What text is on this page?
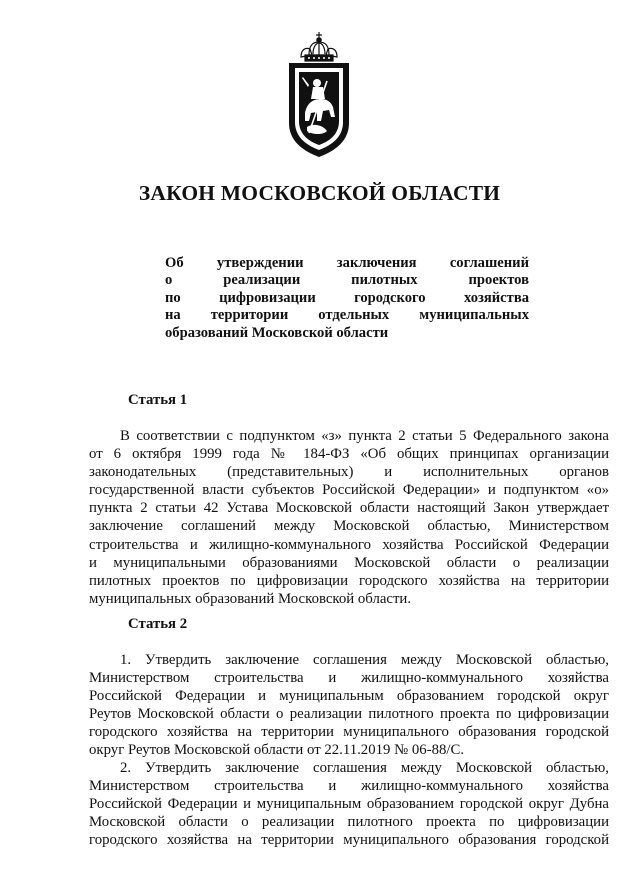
ЗАКОН МОСКОВСКОЙ ОБЛАСТИ
Об утверждении заключения соглашений
о реализации пилотных проектов
по цифровизации городского хозяйства
на территории отдельных муниципальных
образований Московской области
Статья 1
В соответствии с подпунктом «з» пункта 2 статьи 5 Федерального закона
от 6 октября 1999 года № 184-ФЗ «Об общих принципах организации
законодательных (представительных) и исполнительных органов
государственной власти субъектов Российской Федерации» и подпунктом «о»
пункта 2 статьи 42 Устава Московской области настоящий Закон утверждает
заключение соглашений между Московской областью, Министерством
строительства и жилищно-коммунального хозяйства Российской Федерации
и муниципальными образованиями Московской области о реализации
пилотных проектов по цифровизации городского хозяйства на территории
муниципальных образований Московской области.
Статья 2
1. Утвердить заключение соглашения между Московской областью,
Министерством строительства и жилищно-коммунального хозяйства
Российской Федерации и муниципальным образованием городской округ
Реутов Московской области о реализации пилотного проекта по цифровизации
городского хозяйства на территории муниципального образования городской
округ Реутов Московской области от 22.11.2019 № 06-88/С.
2. Утвердить заключение соглашения между Московской областью,
Министерством строительства и жилищно-коммунального хозяйства
Российской Федерации и муниципальным образованием городской округ Дубна
Московской области о реализации пилотного проекта по цифровизации
городского хозяйства на территории муниципального образования городской
